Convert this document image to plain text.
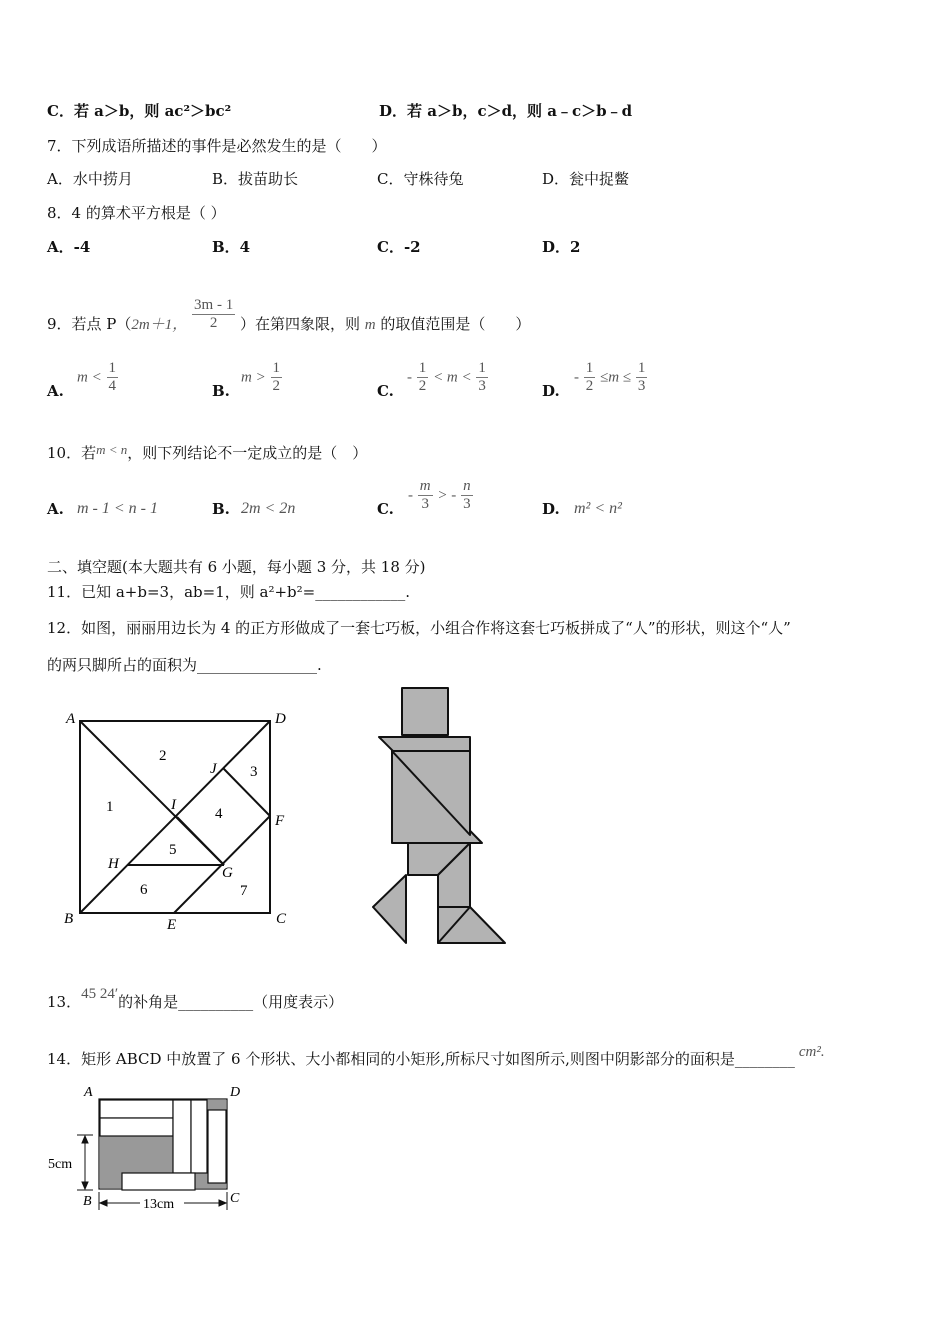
C．若 a＞b，则 ac²＞bc²	D．若 a＞b，c＞d，则 a﹣c＞b﹣d
7．下列成语所描述的事件是必然发生的是（　　）
A．水中捞月	B．拔苗助长	C．守株待兔	D．瓮中捉鳖
8．4 的算术平方根是（ ）
A．-4	B．4	C．-2	D．2
9．若点 P（2m＋1， $\frac{3m - 1}{2}$ ）在第四象限，则 m 的取值范围是（　　）
A.
$m < \frac{1}{4}$	B.
$m > \frac{1}{2}$	C.
- $\frac{1}{2} < m < \frac{1}{3}$	D.
- $\frac{1}{2} \le m \le \frac{1}{3}$
10．若m < n，则下列结论不一定成立的是（　）
A. m - 1 < n - 1	B. 2m < 2n	C.
- $\frac{m}{3}$ > - $\frac{n}{3}$	D. m² < n²
二、填空题(本大题共有 6 小题，每小题 3 分，共 18 分)
11．已知 a+b=3，ab=1，则 a²+b²=____________.
12．如图，丽丽用边长为 4 的正方形做成了一套七巧板，小组合作将这套七巧板拼成了“人”的形状，则这个“人”
的两只脚所占的面积为________________.
A	D
B	C
J
I
F
H
G
E
1
2
3
4
5
6	7
13．45 24′的补角是__________（用度表示）
14．矩形 ABCD 中放置了 6 个形状、大小都相同的小矩形,所标尺寸如图所示,则图中阴影部分的面积是________ cm².
A	D
B	C
5cm
13cm
